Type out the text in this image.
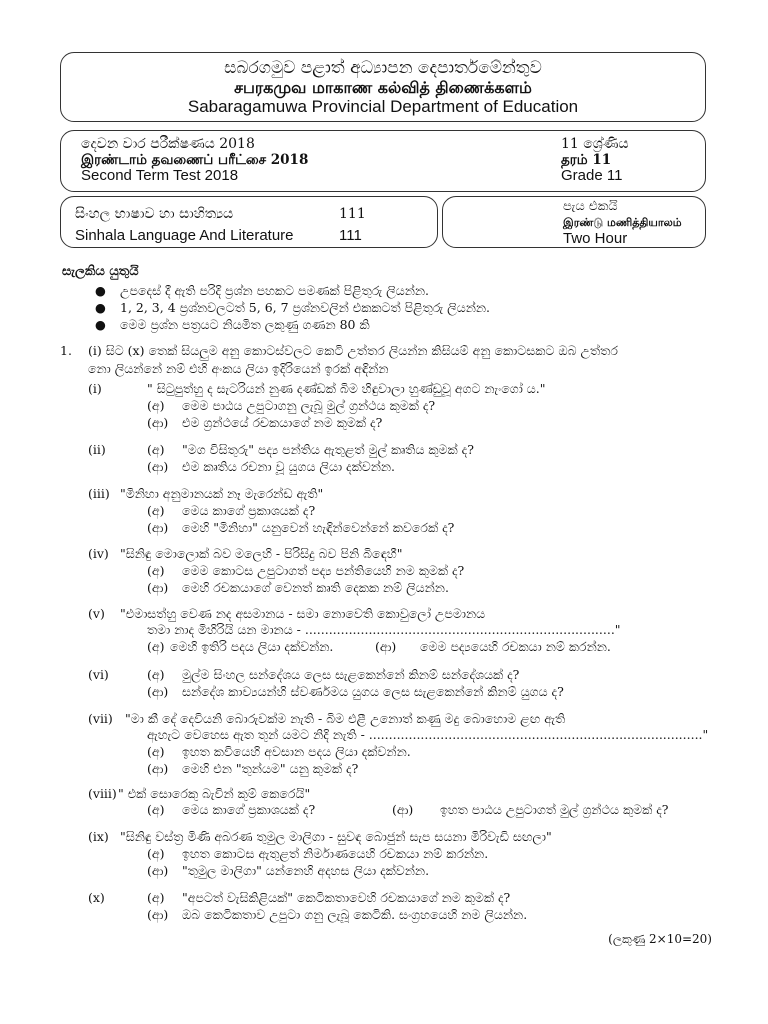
සබරගමුව පළාත් අධ්‍යාපන දෙපාර්තමේන්තුව
சபரகமுவ மாகாண கல்வித் திணைக்களம்
Sabaragamuwa Provincial Department of Education
දෙවන වාර පරීක්ෂණය 2018
இரண்டாம் தவணைப் பரீட்சை 2018
Second Term Test 2018
11 ශ්‍රේණිය
தரம் 11
Grade 11
සිංහල භාෂාව හා සාහිත්‍යය
Sinhala Language And Literature
111
111
පැය එකයි
இரண்டு மணித்தியாலம்
Two Hour
සැලකිය යුතුයි
● උපදෙස් දී ඇති පරිදි ප්‍රශ්න පහකට පමණක් පිළිතුරු ලියන්න.
● 1, 2, 3, 4 ප්‍රශ්නවලටත් 5, 6, 7 ප්‍රශ්නවලින් එකකටත් පිළිතුරු ලියන්න.
● මෙම ප්‍රශ්න පත්‍රයට නියමිත ලකුණු ගණන 80 කි
1. (i) සිට (x) තෙක් සියලුම අනු කොටස්වලට කෙටි උත්තර ලියන්න කිසියම් අනු කොටසකට ඔබ උත්තර
නො ලියන්නේ නම් එහි අංකය ලියා ඉදිරියෙන් ඉරක් අඳින්න
(i)	" සිටුපුත්හු ද සැටරියන් නුණ දණ්ඩක් බිම හිඳුවාලා හුණ්ඩුවූ අගට නැංගෝ ය."
(අ) මෙම පාඨය උපුටාගනු ලැබූ මුල් ග්‍රන්ථය කුමක් ද?
(ආ) එම ග්‍රන්ථයේ රචකයාගේ නම කුමක් ද?
(ii)	(අ) "මග විසිතුරු" පද්‍ය පන්තිය ඇතුළත් මුල් කෘතිය කුමක් ද?
(ආ) එම කෘතිය රචනා වූ යුගය ලියා දක්වන්න.
(iii) "මිනිහා අනුමානයක් නෑ මැරෙන්ඩ ඇති"
(අ) මෙය කාගේ ප්‍රකාශයක් ද?
(ආ) මෙහි "මිනිහා" යනුවෙන් හැඳින්වෙන්නේ කවරෙක් ද?
(iv) "සිනිඳු මොලොක් බව මලෙහි - පිරිසිදු බව පිනි බිඳෙහී"
(අ) මෙම කොටස උපුටාගත් පද්‍ය පන්තියෙහි නම කුමක් ද?
(ආ) මෙහි රචකයාගේ වෙනත් කෘති දෙකක නම් ලියන්න.
(v) "එමාසත්හු වෙණ නද අසමානය - සමා නොවෙති කොවුලෝ උපමානය
තමා නාද මිහිරියි යන මානය - .............................................................................."
(අ) මෙහි ඉතිරි පදය ලියා දක්වන්න.	(ආ) මෙම පද්‍යයෙහි රචකයා නම් කරන්න.
(vi)	(අ) මුල්ම සිංහල සන්දේශය ලෙස සැළකෙන්නේ කිනම් සන්දේශයක් ද?
(ආ) සන්දේශ කාව්‍යයන්හි ස්වර්ණමය යුගය ලෙස සැළකෙන්නේ කිනම් යුගය ද?
(vii) "මා කී දේ දෙවියනි බොරුවක්ම නැති - බිම එළී උනොත් කණු මදු බොහොම ළඟ ඇති
ඇහැට වෙහෙස ඇත තුන් යමට නිදි නැති - ...................................................................................."
(අ) ඉහත කවියෙහි අවසාන පදය ලියා දක්වන්න.
(ආ) මෙහි එන "තුන්යම" යනු කුමක් ද?
(viii) " එක් සොරෙකු බැවින් කුම් කෙරෙයි"
(අ) මෙය කාගේ ප්‍රකාශයක් ද?	(ආ) ඉහත පාඨය උපුටාගත් මුල් ග්‍රන්ථය කුමක් ද?
(ix) "සිනිඳු වස්ත්‍ර මිණි අබරණ තුමුල මාලිගා - සුවඳ බොජුන් සැප සයනා මිරිවැඩි සඟලා"
(අ) ඉහත කොටස ඇතුළත් නිර්මාණයෙහි රචකයා නම් කරන්න.
(ආ) "තුමුල මාලිගා" යන්නෙහි අදහස ලියා දක්වන්න.
(x)	(අ) "අපටත් වැසිකිළියක්" කෙටිකතාවෙහි රචකයාගේ නම කුමක් ද?
(ආ) ඔබ කෙටිකතාව උපුටා ගනු ලැබූ කෙටිකි. සංග්‍රහයෙහි නම ලියන්න.
(ලකුණු 2×10=20)
